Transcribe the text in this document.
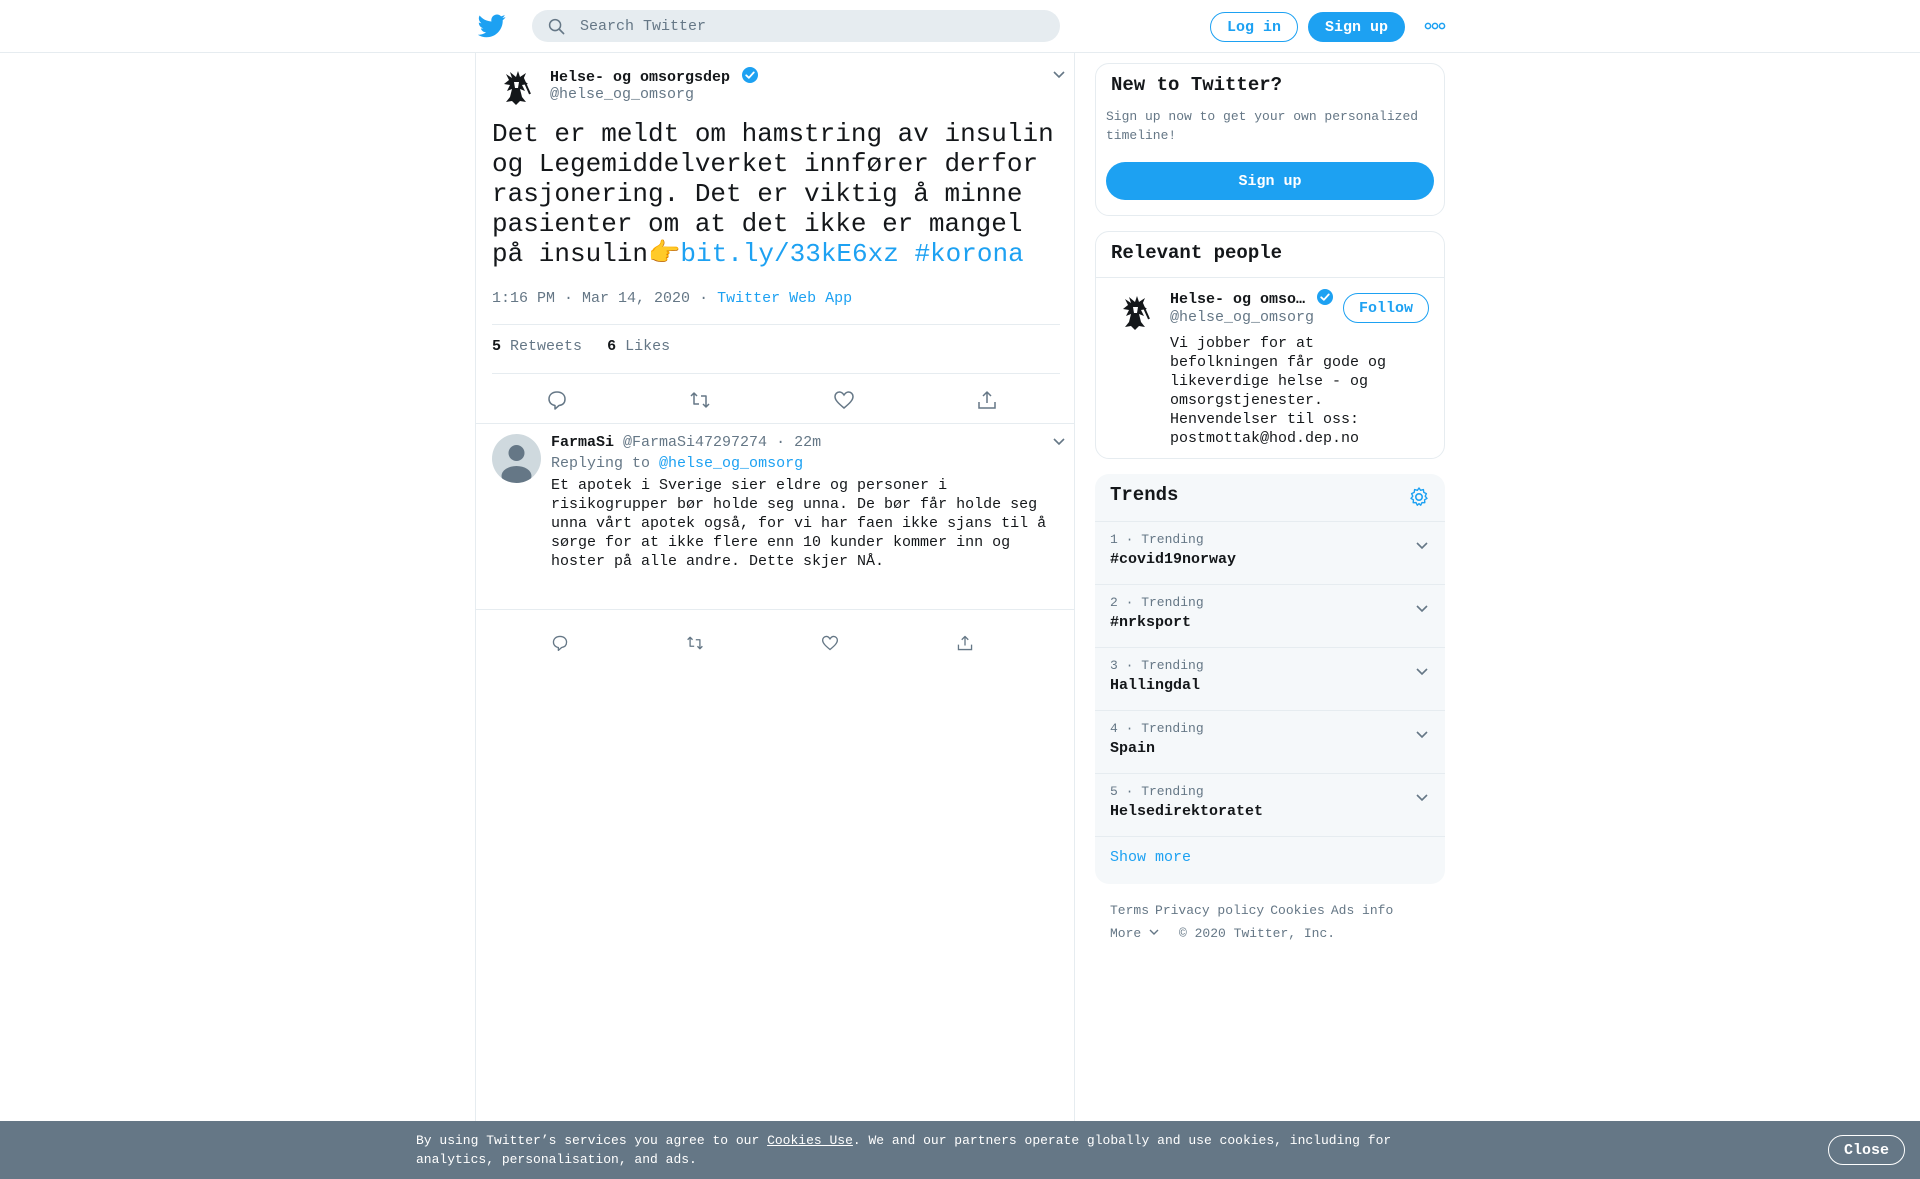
Search Twitter
Log in	Sign up
Helse- og omsorgsdep
@helse_og_omsorg
Det er meldt om hamstring av insulin og Legemiddelverket innfører derfor rasjonering. Det er viktig å minne pasienter om at det ikke er mangel på insulin👉bit.ly/33kE6xz #korona
1:16 PM · Mar 14, 2020 · Twitter Web App
5 Retweets 6 Likes
FarmaSi @FarmaSi47297274 · 22m
Replying to @helse_og_omsorg
Et apotek i Sverige sier eldre og personer i risikogrupper bør holde seg unna. De bør får holde seg unna vårt apotek også, for vi har faen ikke sjans til å sørge for at ikke flere enn 10 kunder kommer inn og hoster på alle andre. Dette skjer NÅ.
New to Twitter?
Sign up now to get your own personalized timeline!
Sign up
Relevant people
Helse- og omso…
@helse_og_omsorg
Follow
Vi jobber for at befolkningen får gode og likeverdige helse - og omsorgstjenester. Henvendelser til oss: postmottak@hod.dep.no
Trends
1 · Trending
#covid19norway
2 · Trending
#nrksport
3 · Trending
Hallingdal
4 · Trending
Spain
5 · Trending
Helsedirektoratet
Show more
Terms Privacy policy Cookies Ads info
More	© 2020 Twitter, Inc.
By using Twitter’s services you agree to our Cookies Use. We and our partners operate globally and use cookies, including for analytics, personalisation, and ads.
Close
